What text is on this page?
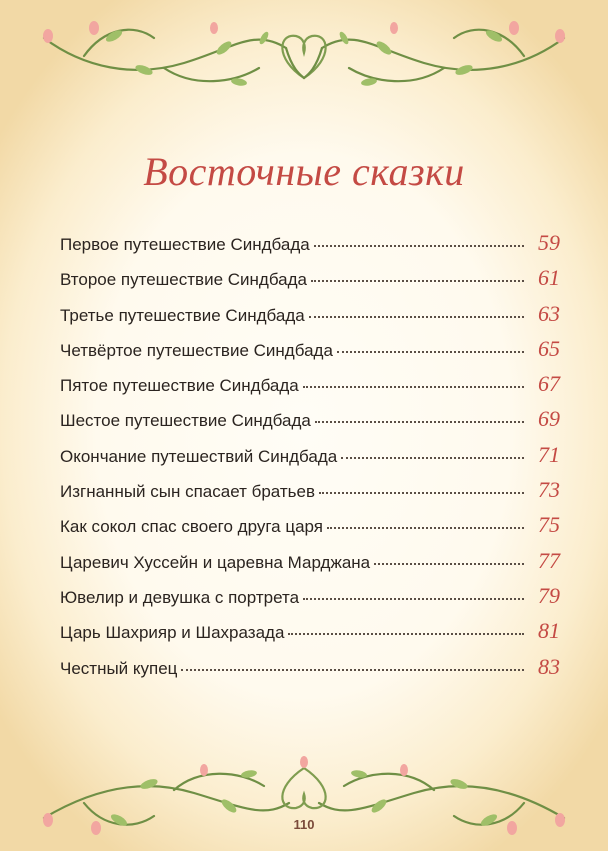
Восточные сказки
Первое путешествие Синдбада	59
Второе путешествие Синдбада	61
Третье путешествие Синдбада	63
Четвёртое путешествие Синдбада	65
Пятое путешествие Синдбада	67
Шестое путешествие Синдбада	69
Окончание путешествий Синдбада	71
Изгнанный сын спасает братьев	73
Как сокол спас своего друга царя	75
Царевич Хуссейн и царевна Марджана	77
Ювелир и девушка с портрета	79
Царь Шахрияр и Шахразада	81
Честный купец	83
110
